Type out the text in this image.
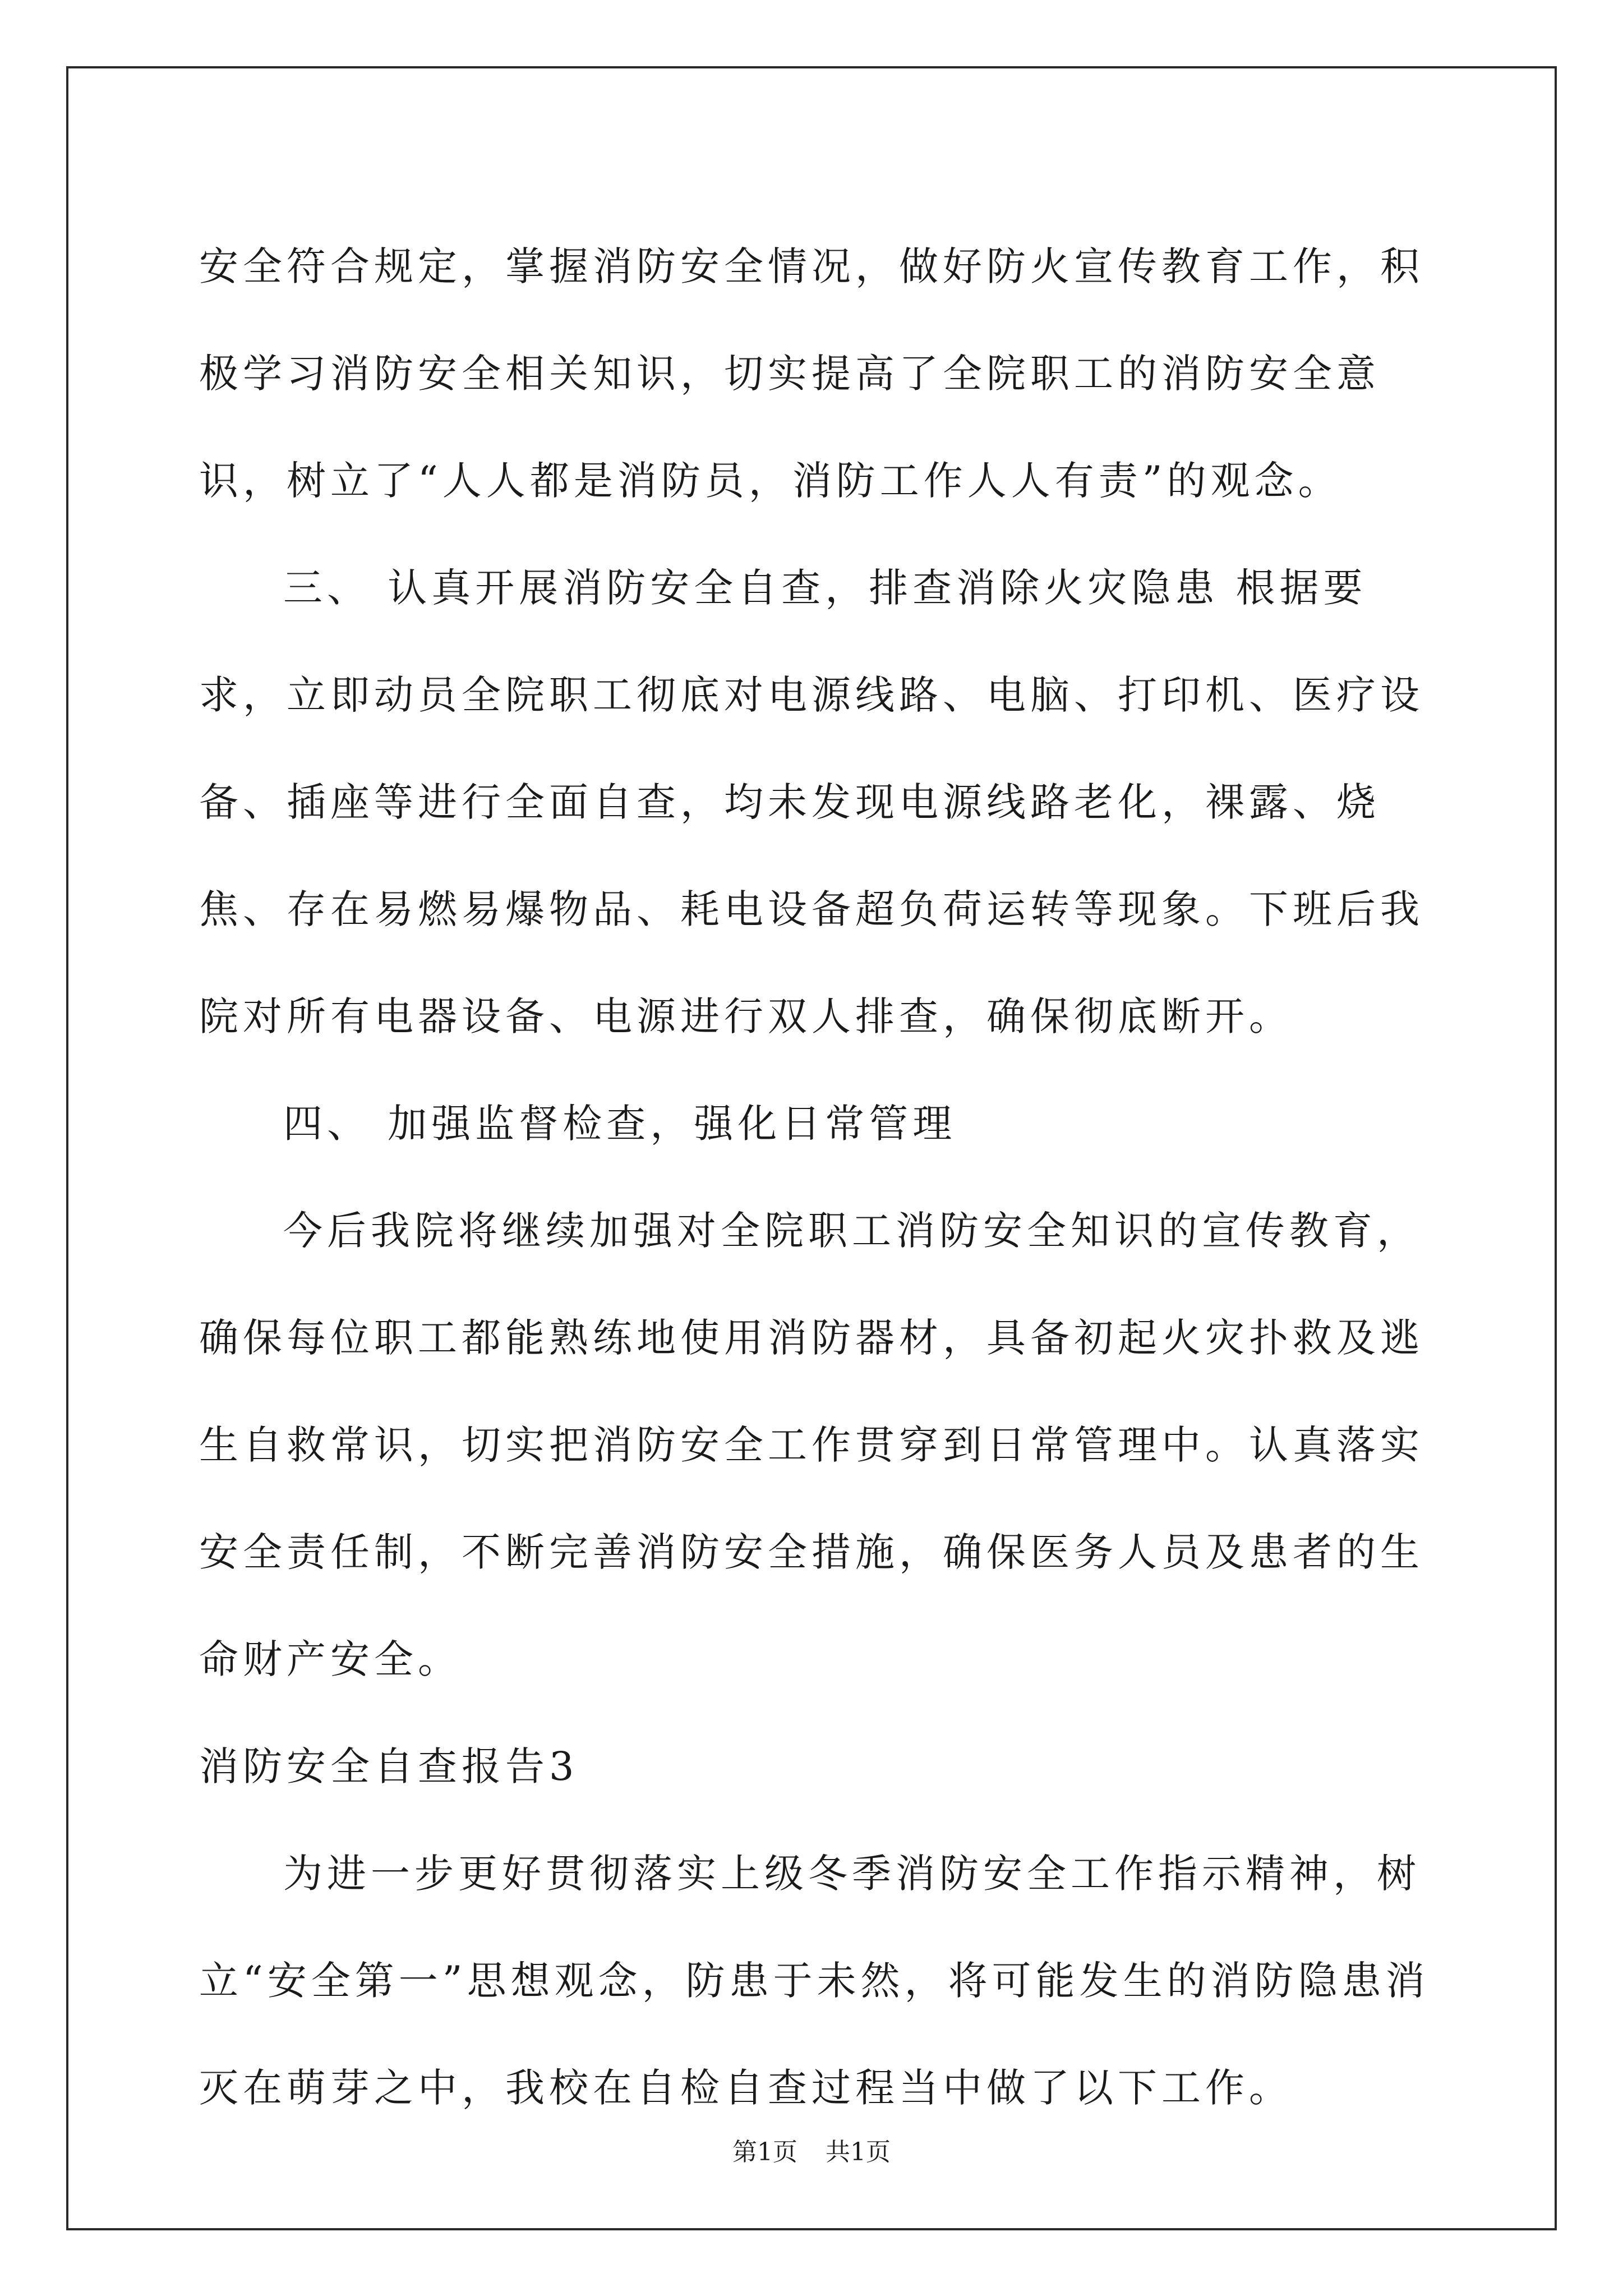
安全符合规定，掌握消防安全情况，做好防火宣传教育工作，积极学习消防安全相关知识，切实提高了全院职工的消防安全意识，树立了“人人都是消防员，消防工作人人有责”的观念。

三、 认真开展消防安全自查，排查消除火灾隐患 根据要求，立即动员全院职工彻底对电源线路、电脑、打印机、医疗设备、插座等进行全面自查，均未发现电源线路老化，裸露、烧焦、存在易燃易爆物品、耗电设备超负荷运转等现象。下班后我院对所有电器设备、电源进行双人排查，确保彻底断开。

四、 加强监督检查，强化日常管理

今后我院将继续加强对全院职工消防安全知识的宣传教育，确保每位职工都能熟练地使用消防器材，具备初起火灾扑救及逃生自救常识，切实把消防安全工作贯穿到日常管理中。认真落实安全责任制，不断完善消防安全措施，确保医务人员及患者的生命财产安全。

消防安全自查报告3

为进一步更好贯彻落实上级冬季消防安全工作指示精神，树立“安全第一”思想观念，防患于未然，将可能发生的消防隐患消灭在萌芽之中，我校在自检自查过程当中做了以下工作。

第1页 共1页
